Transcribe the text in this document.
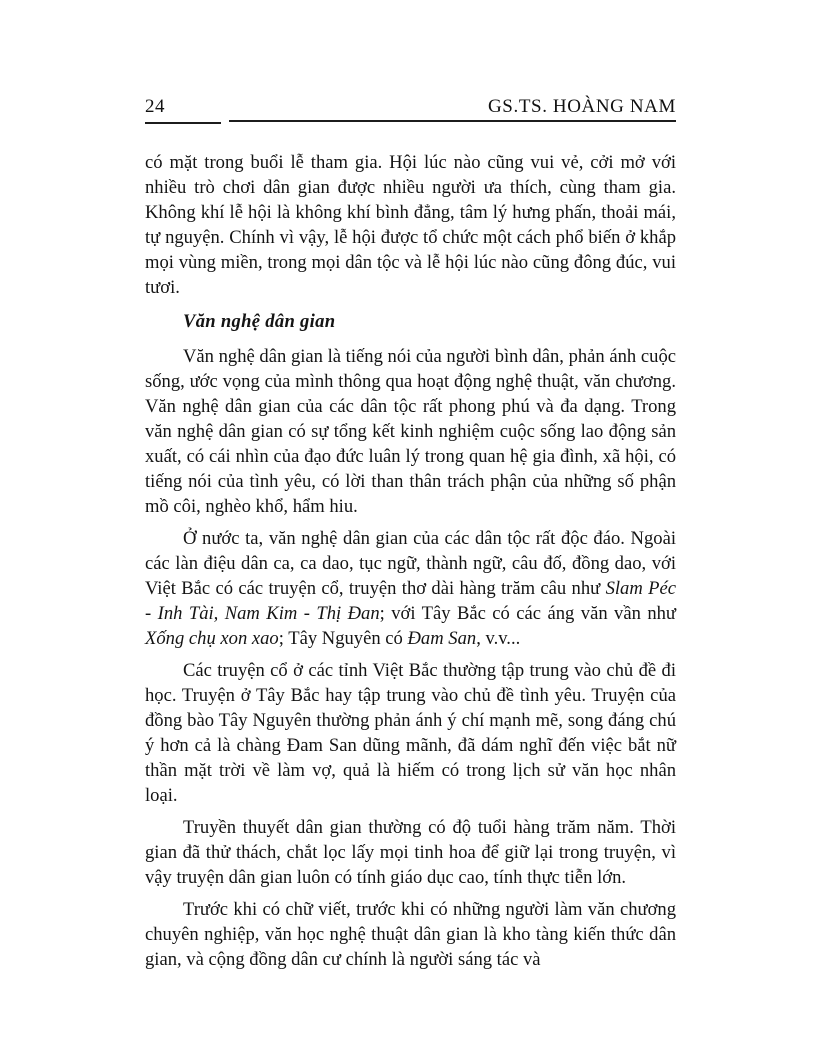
24	GS.TS. HOÀNG NAM

có mặt trong buổi lễ tham gia. Hội lúc nào cũng vui vẻ, cởi mở với nhiều trò chơi dân gian được nhiều người ưa thích, cùng tham gia. Không khí lễ hội là không khí bình đẳng, tâm lý hưng phấn, thoải mái, tự nguyện. Chính vì vậy, lễ hội được tổ chức một cách phổ biến ở khắp mọi vùng miền, trong mọi dân tộc và lễ hội lúc nào cũng đông đúc, vui tươi.

Văn nghệ dân gian

Văn nghệ dân gian là tiếng nói của người bình dân, phản ánh cuộc sống, ước vọng của mình thông qua hoạt động nghệ thuật, văn chương. Văn nghệ dân gian của các dân tộc rất phong phú và đa dạng. Trong văn nghệ dân gian có sự tổng kết kinh nghiệm cuộc sống lao động sản xuất, có cái nhìn của đạo đức luân lý trong quan hệ gia đình, xã hội, có tiếng nói của tình yêu, có lời than thân trách phận của những số phận mồ côi, nghèo khổ, hẩm hiu.

Ở nước ta, văn nghệ dân gian của các dân tộc rất độc đáo. Ngoài các làn điệu dân ca, ca dao, tục ngữ, thành ngữ, câu đố, đồng dao, với Việt Bắc có các truyện cổ, truyện thơ dài hàng trăm câu như Slam Péc - Inh Tài, Nam Kim - Thị Đan; với Tây Bắc có các áng văn vần như Xống chụ xon xao; Tây Nguyên có Đam San, v.v...

Các truyện cổ ở các tỉnh Việt Bắc thường tập trung vào chủ đề đi học. Truyện ở Tây Bắc hay tập trung vào chủ đề tình yêu. Truyện của đồng bào Tây Nguyên thường phản ánh ý chí mạnh mẽ, song đáng chú ý hơn cả là chàng Đam San dũng mãnh, đã dám nghĩ đến việc bắt nữ thần mặt trời về làm vợ, quả là hiếm có trong lịch sử văn học nhân loại.

Truyền thuyết dân gian thường có độ tuổi hàng trăm năm. Thời gian đã thử thách, chắt lọc lấy mọi tinh hoa để giữ lại trong truyện, vì vậy truyện dân gian luôn có tính giáo dục cao, tính thực tiễn lớn.

Trước khi có chữ viết, trước khi có những người làm văn chương chuyên nghiệp, văn học nghệ thuật dân gian là kho tàng kiến thức dân gian, và cộng đồng dân cư chính là người sáng tác và
